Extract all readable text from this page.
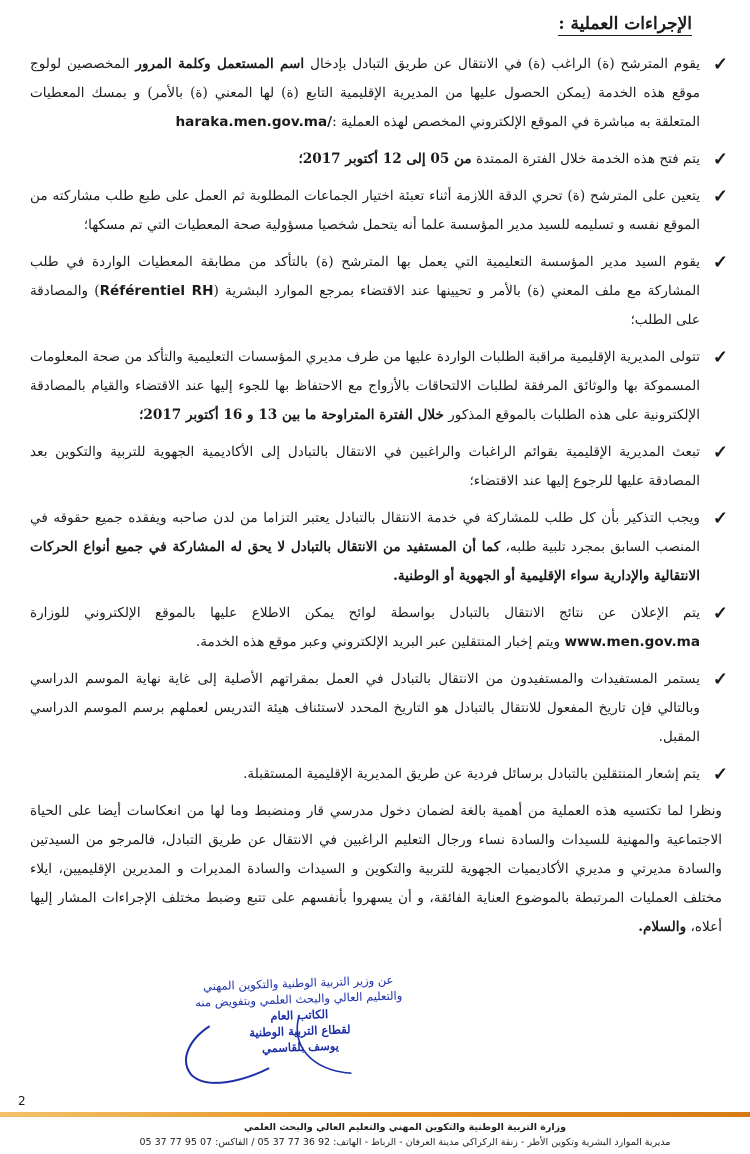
الإجراءات العملية :
✓
يقوم المترشح (ة) الراغب (ة) في الانتقال عن طريق التبادل بإدخال اسم المستعمل وكلمة المرور المخصصين لولوج موقع هذه الخدمة (يمكن الحصول عليها من المديرية الإقليمية التابع (ة) لها المعني (ة) بالأمر) و بمسك المعطيات المتعلقة به مباشرة في الموقع الإلكتروني المخصص لهذه العملية :haraka.men.gov.ma/
✓
يتم فتح هذه الخدمة خلال الفترة الممتدة من 05 إلى 12 أكتوبر 2017؛
✓
يتعين على المترشح (ة) تحري الدقة اللازمة أثناء تعبئة اختيار الجماعات المطلوبة ثم العمل على طبع طلب مشاركته من الموقع نفسه و تسليمه للسيد مدير المؤسسة علما أنه يتحمل شخصيا مسؤولية صحة المعطيات التي تم مسكها؛
✓
يقوم السيد مدير المؤسسة التعليمية التي يعمل بها المترشح (ة) بالتأكد من مطابقة المعطيات الواردة في طلب المشاركة مع ملف المعني (ة) بالأمر و تحيينها عند الاقتضاء بمرجع الموارد البشرية (Référentiel RH) والمصادقة على الطلب؛
✓
تتولى المديرية الإقليمية مراقبة الطلبات الواردة عليها من طرف مديري المؤسسات التعليمية والتأكد من صحة المعلومات المسموكة بها والوثائق المرفقة لطلبات الالتحاقات بالأزواج مع الاحتفاظ بها للجوء إليها عند الاقتضاء والقيام بالمصادقة الإلكترونية على هذه الطلبات بالموقع المذكور خلال الفترة المتراوحة ما بين 13 و 16 أكتوبر 2017؛
✓
تبعث المديرية الإقليمية بقوائم الراغبات والراغبين في الانتقال بالتبادل إلى الأكاديمية الجهوية للتربية والتكوين بعد المصادقة عليها للرجوع إليها عند الاقتضاء؛
✓
ويجب التذكير بأن كل طلب للمشاركة في خدمة الانتقال بالتبادل يعتبر التزاما من لدن صاحبه ويفقده جميع حقوقه في المنصب السابق بمجرد تلبية طلبه، كما أن المستفيد من الانتقال بالتبادل لا يحق له المشاركة في جميع أنواع الحركات الانتقالية والإدارية سواء الإقليمية أو الجهوية أو الوطنية.
✓
يتم الإعلان عن نتائج الانتقال بالتبادل بواسطة لوائح يمكن الاطلاع عليها بالموقع الإلكتروني للوزارة www.men.gov.ma ويتم إخبار المنتقلين عبر البريد الإلكتروني وعبر موقع هذه الخدمة.
✓
يستمر المستفيدات والمستفيدون من الانتقال بالتبادل في العمل بمقراتهم الأصلية إلى غاية نهاية الموسم الدراسي وبالتالي فإن تاريخ المفعول للانتقال بالتبادل هو التاريخ المحدد لاستئناف هيئة التدريس لعملهم برسم الموسم الدراسي المقبل.
✓
يتم إشعار المنتقلين بالتبادل برسائل فردية عن طريق المديرية الإقليمية المستقبلة.
ونظرا لما تكتسيه هذه العملية من أهمية بالغة لضمان دخول مدرسي قار ومنضبط وما لها من انعكاسات أيضا على الحياة الاجتماعية والمهنية للسيدات والسادة نساء ورجال التعليم الراغبين في الانتقال عن طريق التبادل، فالمرجو من السيدتين والسادة مديرتي و مديري الأكاديميات الجهوية للتربية والتكوين و السيدات والسادة المديرات و المديرين الإقليميين، ايلاء مختلف العمليات المرتبطة بالموضوع العناية الفائقة، و أن يسهروا بأنفسهم على تتبع وضبط مختلف الإجراءات المشار إليها أعلاه، والسلام.
عن وزير التربية الوطنية والتكوين المهني
والتعليم العالي والبحث العلمي وبتفويض منه
الكاتب العام
لقطاع التربية الوطنية
يوسف بلقاسمي
2
وزارة التربية الوطنية والتكوين المهني والتعليم العالي والبحث العلمي
مديرية الموارد البشرية وتكوين الأطر - زنقة الركراكي مدينة العرفان - الرباط - الهاتف: 92 36 77 37 05 / الفاكس: 07 95 77 37 05
